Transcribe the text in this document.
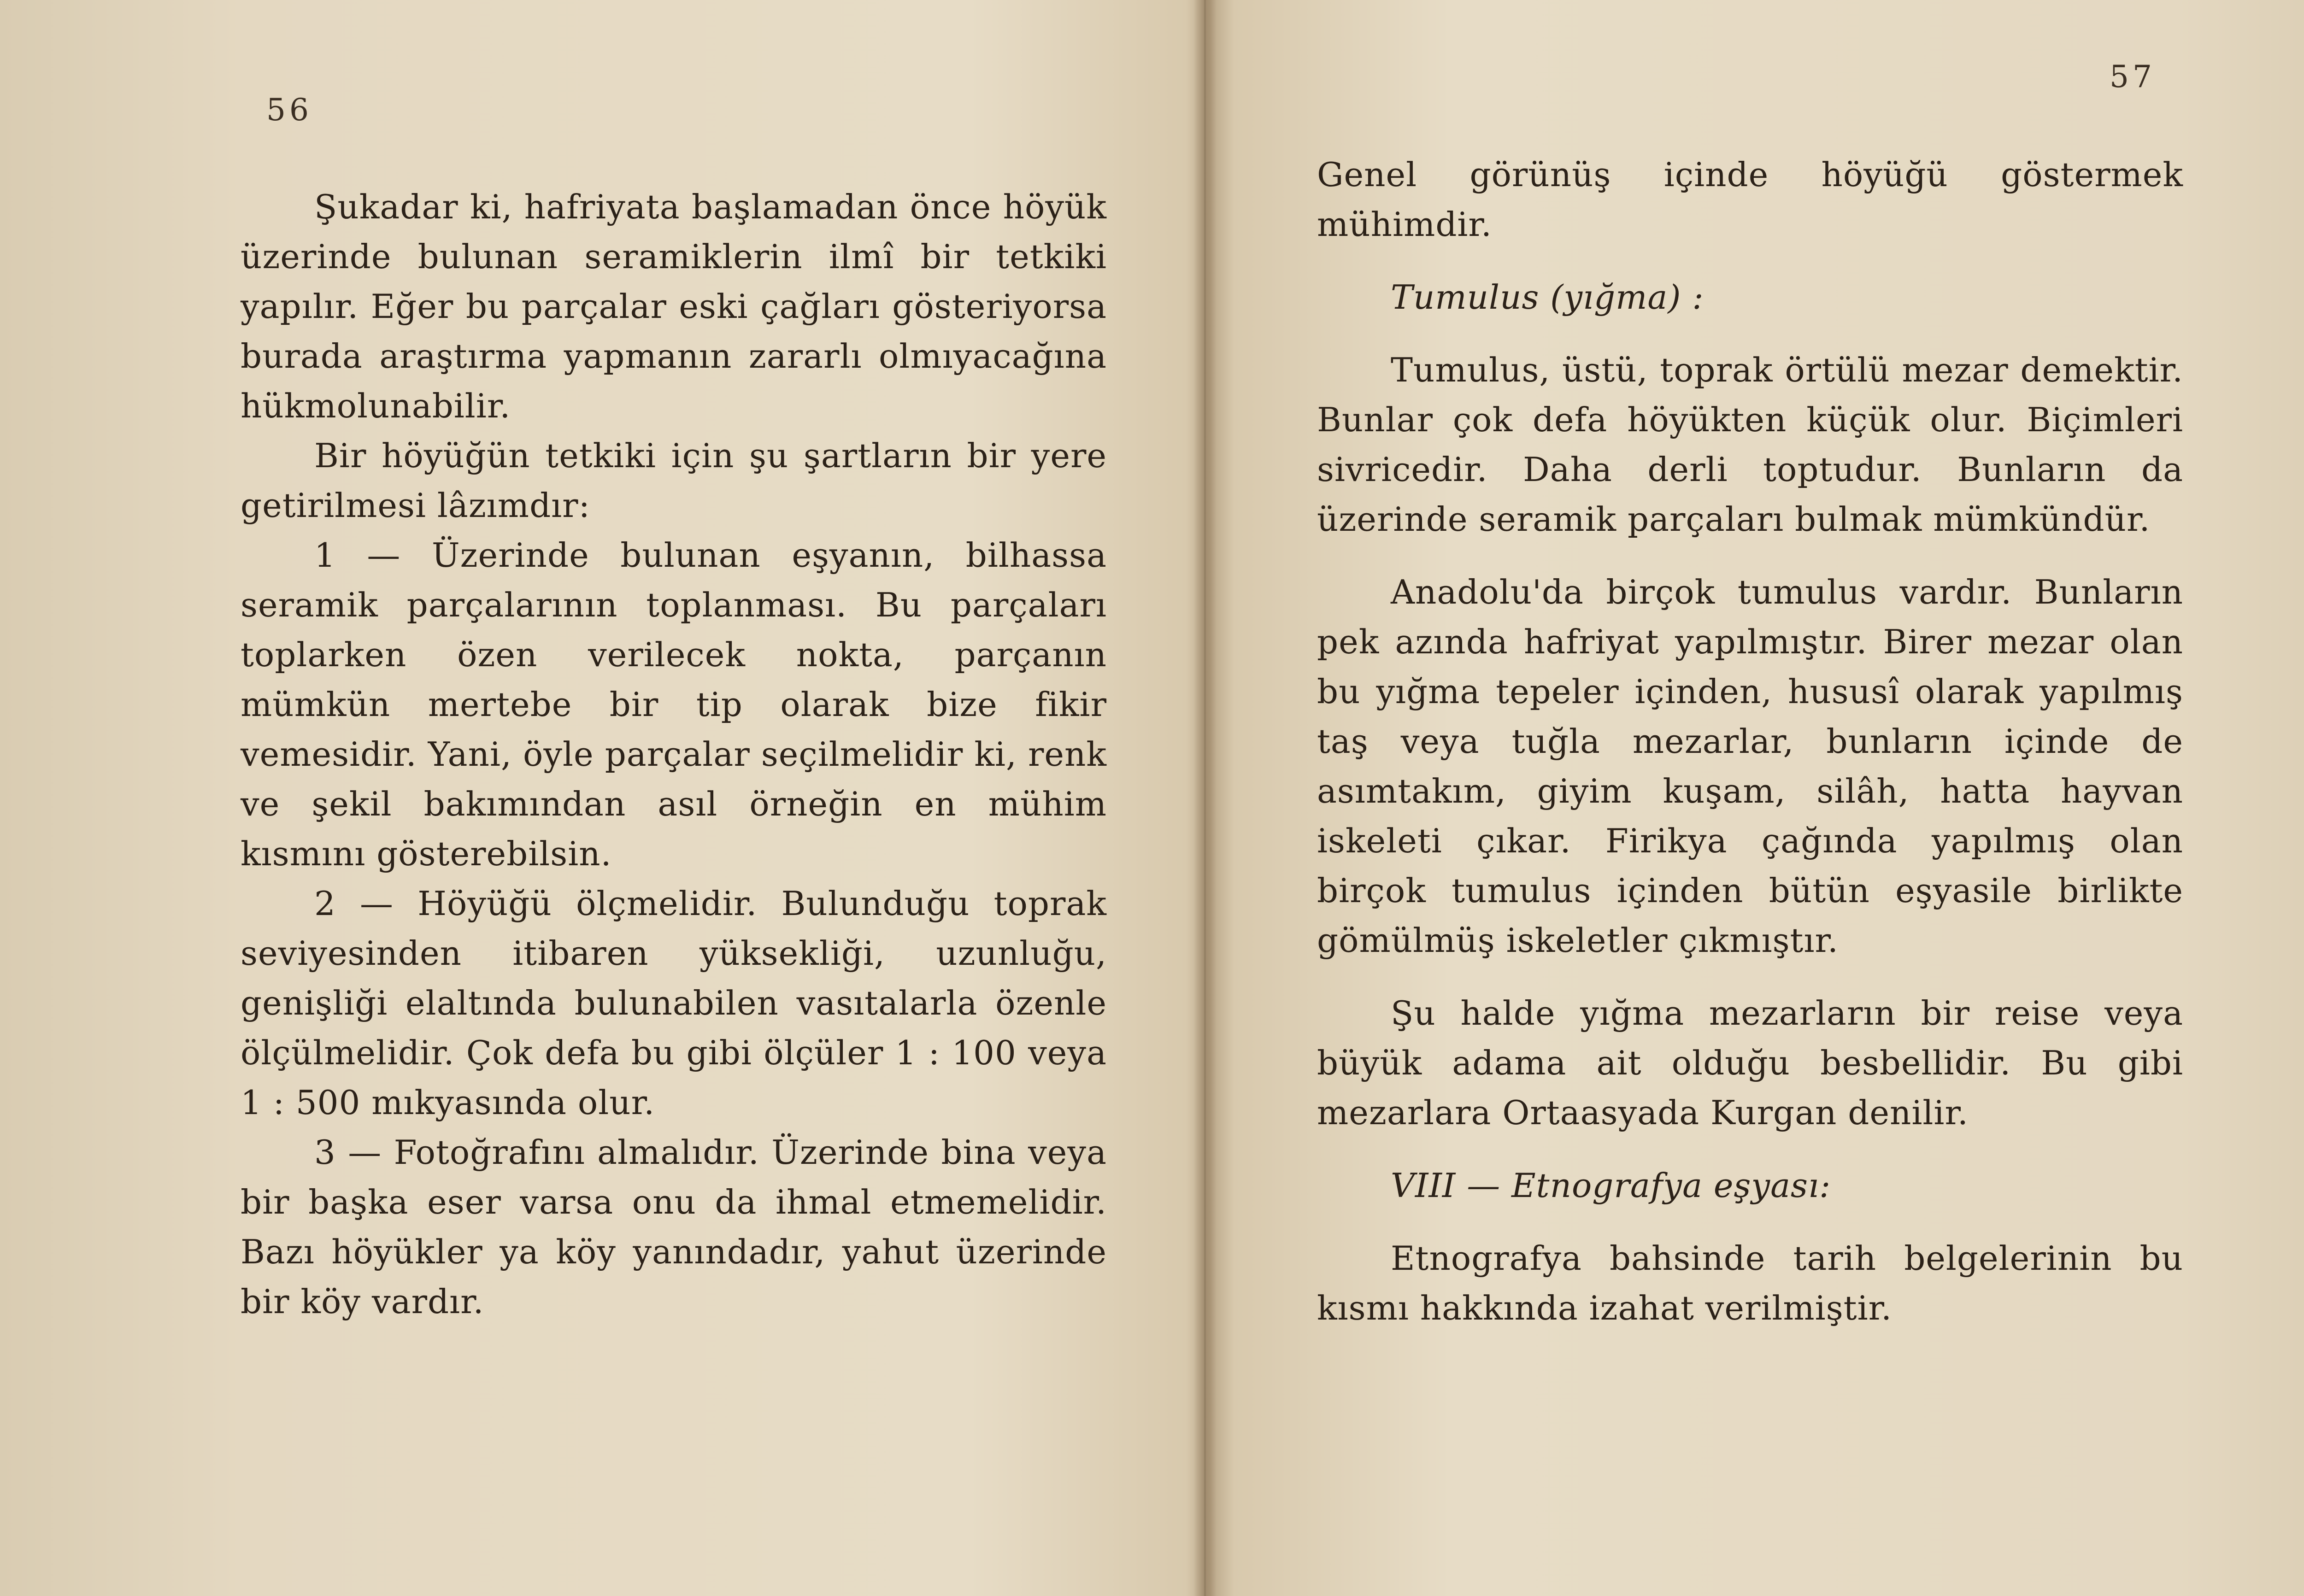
56

Şukadar ki, hafriyata başlamadan önce höyük üzerinde bulunan seramiklerin ilmî bir tetkiki yapılır. Eğer bu parçalar eski çağları gösteriyorsa burada araştırma yapmanın zararlı olmıyacağına hükmolunabilir.

Bir höyüğün tetkiki için şu şartların bir yere getirilmesi lâzımdır:

1 — Üzerinde bulunan eşyanın, bilhassa seramik parçalarının toplanması. Bu parçaları toplarken özen verilecek nokta, parçanın mümkün mertebe bir tip olarak bize fikir vemesidir. Yani, öyle parçalar seçilmelidir ki, renk ve şekil bakımından asıl örneğin en mühim kısmını gösterebilsin.

2 — Höyüğü ölçmelidir. Bulunduğu toprak seviyesinden itibaren yüksekliği, uzunluğu, genişliği elaltında bulunabilen vasıtalarla özenle ölçülmelidir. Çok defa bu gibi ölçüler 1 : 100 veya 1 : 500 mıkyasında olur.

3 — Fotoğrafını almalıdır. Üzerinde bina veya bir başka eser varsa onu da ihmal etmemelidir. Bazı höyükler ya köy yanındadır, yahut üzerinde bir köy vardır.

57

Genel görünüş içinde höyüğü göstermek mühimdir.

Tumulus (yığma) :

Tumulus, üstü, toprak örtülü mezar demektir. Bunlar çok defa höyükten küçük olur. Biçimleri sivricedir. Daha derli toptudur. Bunların da üzerinde seramik parçaları bulmak mümkündür.

Anadolu'da birçok tumulus vardır. Bunların pek azında hafriyat yapılmıştır. Birer mezar olan bu yığma tepeler içinden, hususî olarak yapılmış taş veya tuğla mezarlar, bunların içinde de asımtakım, giyim kuşam, silâh, hatta hayvan iskeleti çıkar. Firikya çağında yapılmış olan birçok tumulus içinden bütün eşyasile birlikte gömülmüş iskeletler çıkmıştır.

Şu halde yığma mezarların bir reise veya büyük adama ait olduğu besbellidir. Bu gibi mezarlara Ortaasyada Kurgan denilir.

VIII — Etnografya eşyası:

Etnografya bahsinde tarih belgelerinin bu kısmı hakkında izahat verilmiştir.
